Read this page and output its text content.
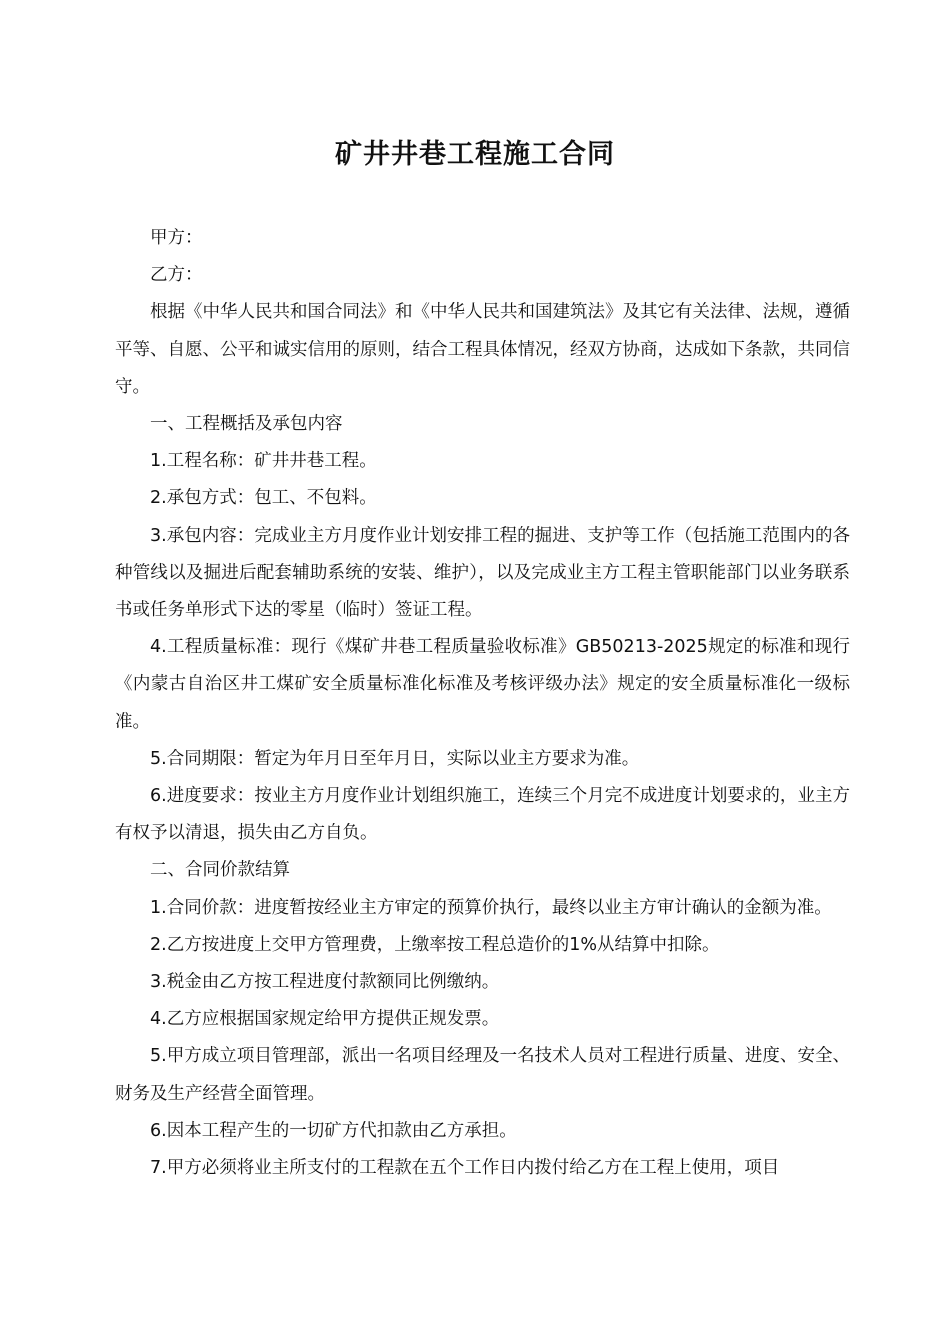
矿井井巷工程施工合同

甲方：

乙方：

根据《中华人民共和国合同法》和《中华人民共和国建筑法》及其它有关法律、法规，遵循平等、自愿、公平和诚实信用的原则，结合工程具体情况，经双方协商，达成如下条款，共同信守。

一、工程概括及承包内容

1.工程名称：矿井井巷工程。

2.承包方式：包工、不包料。

3.承包内容：完成业主方月度作业计划安排工程的掘进、支护等工作（包括施工范围内的各种管线以及掘进后配套辅助系统的安装、维护），以及完成业主方工程主管职能部门以业务联系书或任务单形式下达的零星（临时）签证工程。

4.工程质量标准：现行《煤矿井巷工程质量验收标准》GB50213-2025规定的标准和现行《内蒙古自治区井工煤矿安全质量标准化标准及考核评级办法》规定的安全质量标准化一级标准。

5.合同期限：暂定为年月日至年月日，实际以业主方要求为准。

6.进度要求：按业主方月度作业计划组织施工，连续三个月完不成进度计划要求的，业主方有权予以清退，损失由乙方自负。

二、合同价款结算

1.合同价款：进度暂按经业主方审定的预算价执行，最终以业主方审计确认的金额为准。

2.乙方按进度上交甲方管理费，上缴率按工程总造价的1%从结算中扣除。

3.税金由乙方按工程进度付款额同比例缴纳。

4.乙方应根据国家规定给甲方提供正规发票。

5.甲方成立项目管理部，派出一名项目经理及一名技术人员对工程进行质量、进度、安全、财务及生产经营全面管理。

6.因本工程产生的一切矿方代扣款由乙方承担。

7.甲方必须将业主所支付的工程款在五个工作日内拨付给乙方在工程上使用，项目
